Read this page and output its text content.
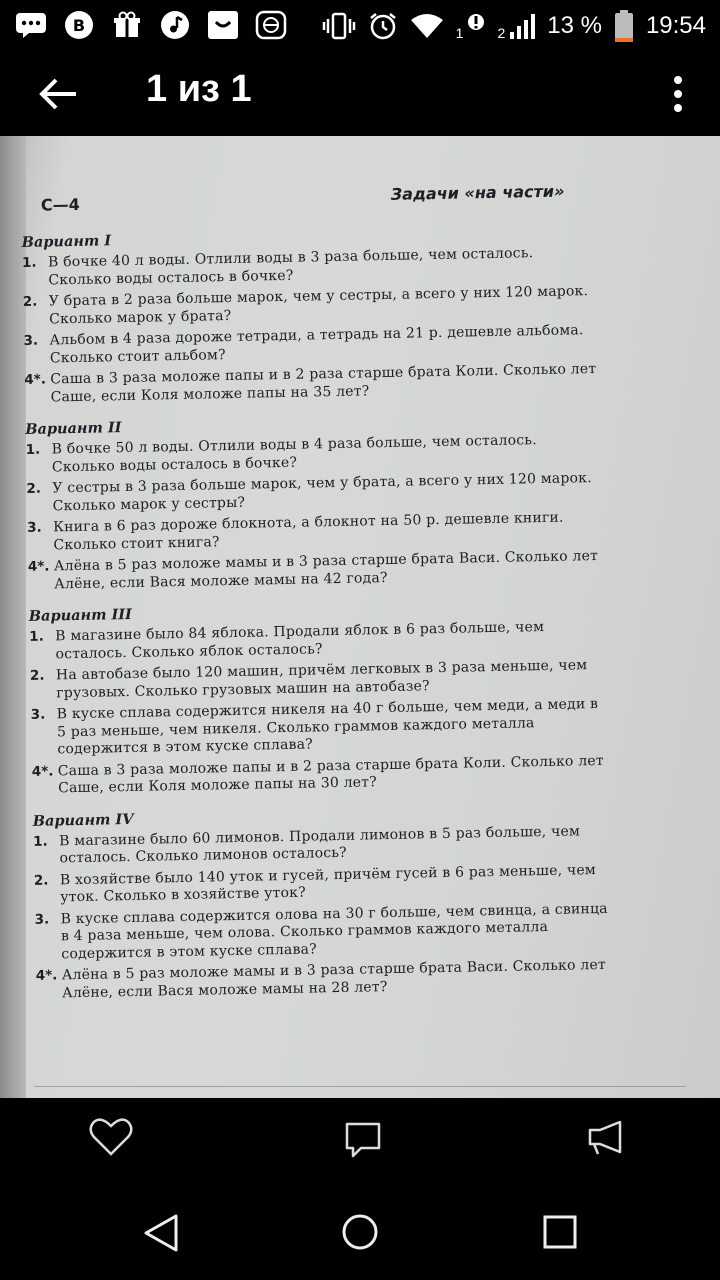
В	1 2 13 % 19:54
1 из 1
С—4
Задачи «на части»
Вариант I
1. В бочке 40 л воды. Отлили воды в 3 раза больше, чем осталось. Сколько воды осталось в бочке?
2. У брата в 2 раза больше марок, чем у сестры, а всего у них 120 марок. Сколько марок у брата?
3. Альбом в 4 раза дороже тетради, а тетрадь на 21 р. дешевле альбома. Сколько стоит альбом?
4*. Саша в 3 раза моложе папы и в 2 раза старше брата Коли. Сколько лет Саше, если Коля моложе папы на 35 лет?
Вариант II
1. В бочке 50 л воды. Отлили воды в 4 раза больше, чем осталось. Сколько воды осталось в бочке?
2. У сестры в 3 раза больше марок, чем у брата, а всего у них 120 марок. Сколько марок у сестры?
3. Книга в 6 раз дороже блокнота, а блокнот на 50 р. дешевле книги. Сколько стоит книга?
4*. Алёна в 5 раз моложе мамы и в 3 раза старше брата Васи. Сколько лет Алёне, если Вася моложе мамы на 42 года?
Вариант III
1. В магазине было 84 яблока. Продали яблок в 6 раз больше, чем осталось. Сколько яблок осталось?
2. На автобазе было 120 машин, причём легковых в 3 раза меньше, чем грузовых. Сколько грузовых машин на автобазе?
3. В куске сплава содержится никеля на 40 г больше, чем меди, а меди в 5 раз меньше, чем никеля. Сколько граммов каждого металла содержится в этом куске сплава?
4*. Саша в 3 раза моложе папы и в 2 раза старше брата Коли. Сколько лет Саше, если Коля моложе папы на 30 лет?
Вариант IV
1. В магазине было 60 лимонов. Продали лимонов в 5 раз больше, чем осталось. Сколько лимонов осталось?
2. В хозяйстве было 140 уток и гусей, причём гусей в 6 раз меньше, чем уток. Сколько в хозяйстве уток?
3. В куске сплава содержится олова на 30 г больше, чем свинца, а свинца в 4 раза меньше, чем олова. Сколько граммов каждого металла содержится в этом куске сплава?
4*. Алёна в 5 раз моложе мамы и в 3 раза старше брата Васи. Сколько лет Алёне, если Вася моложе мамы на 28 лет?
